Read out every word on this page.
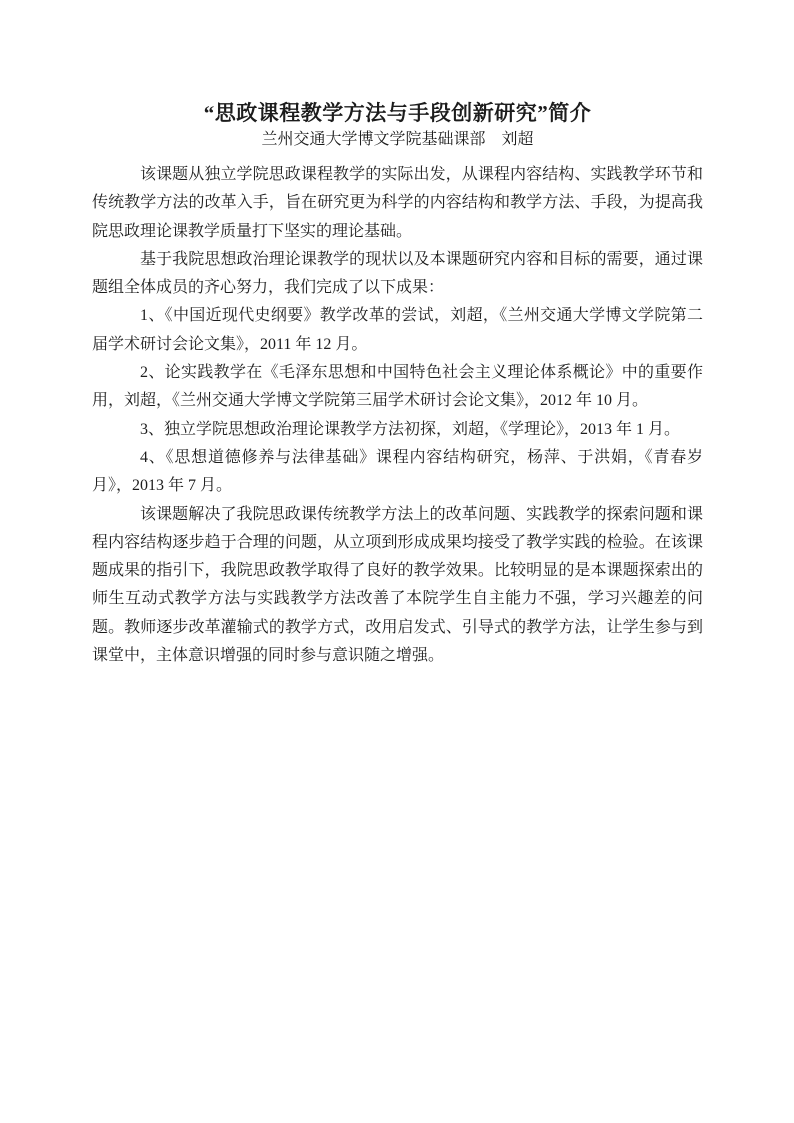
“思政课程教学方法与手段创新研究”简介

兰州交通大学博文学院基础课部　刘超

该课题从独立学院思政课程教学的实际出发，从课程内容结构、实践教学环节和传统教学方法的改革入手，旨在研究更为科学的内容结构和教学方法、手段，为提高我院思政理论课教学质量打下坚实的理论基础。

基于我院思想政治理论课教学的现状以及本课题研究内容和目标的需要，通过课题组全体成员的齐心努力，我们完成了以下成果：

1、《中国近现代史纲要》教学改革的尝试，刘超，《兰州交通大学博文学院第二届学术研讨会论文集》，2011 年 12 月。

2、论实践教学在《毛泽东思想和中国特色社会主义理论体系概论》中的重要作用，刘超，《兰州交通大学博文学院第三届学术研讨会论文集》，2012 年 10 月。

3、独立学院思想政治理论课教学方法初探，刘超，《学理论》，2013 年 1 月。

4、《思想道德修养与法律基础》课程内容结构研究，杨萍、于洪娟，《青春岁月》，2013 年 7 月。

该课题解决了我院思政课传统教学方法上的改革问题、实践教学的探索问题和课程内容结构逐步趋于合理的问题，从立项到形成成果均接受了教学实践的检验。在该课题成果的指引下，我院思政教学取得了良好的教学效果。比较明显的是本课题探索出的师生互动式教学方法与实践教学方法改善了本院学生自主能力不强，学习兴趣差的问题。教师逐步改革灌输式的教学方式，改用启发式、引导式的教学方法，让学生参与到课堂中，主体意识增强的同时参与意识随之增强。
